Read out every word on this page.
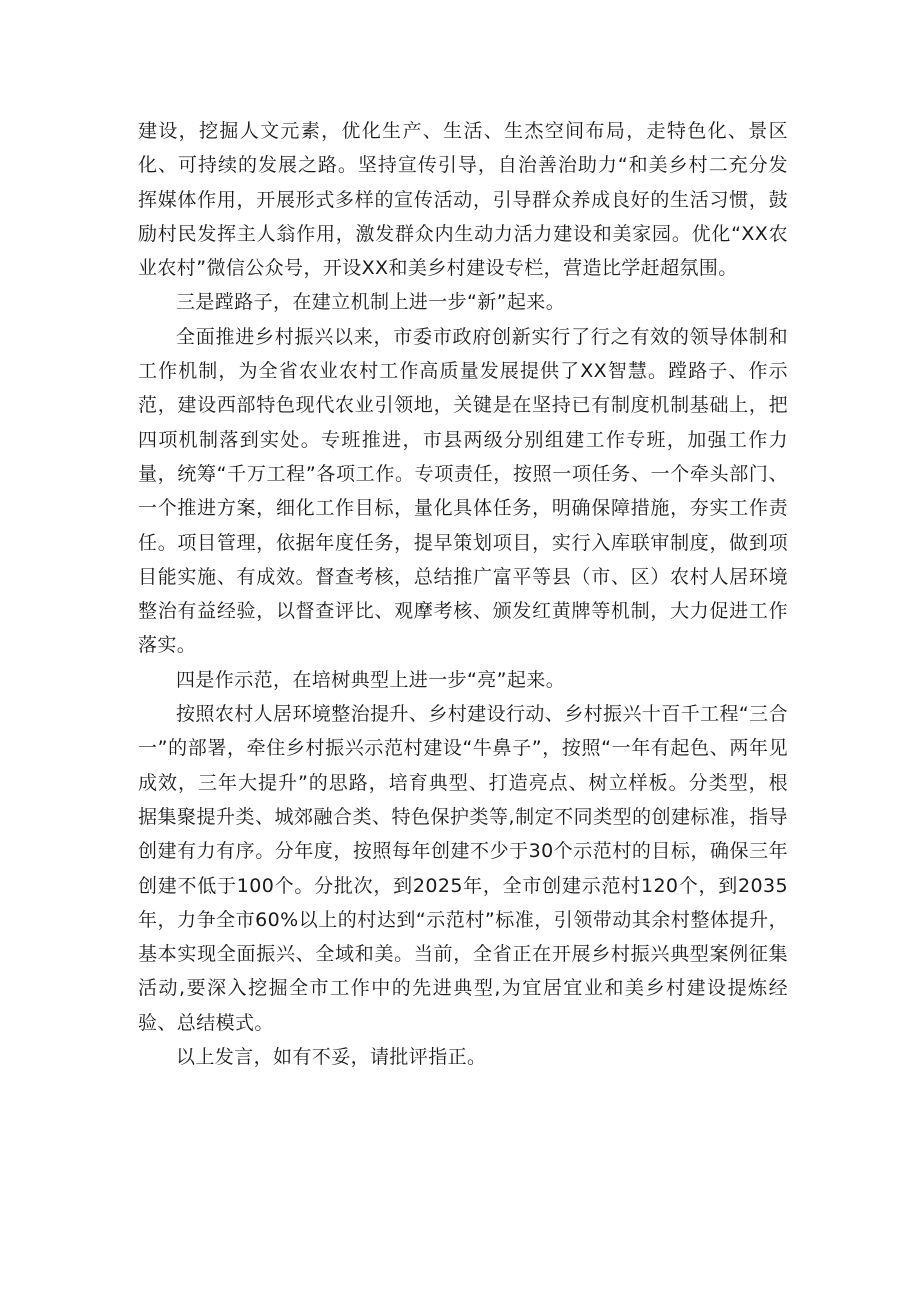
建设，挖掘人文元素，优化生产、生活、生杰空间布局，走特色化、景区化、可持续的发展之路。坚持宣传引导，自治善治助力“和美乡村二充分发挥媒体作用，开展形式多样的宣传活动，引导群众养成良好的生活习惯，鼓励村民发挥主人翁作用，激发群众内生动力活力建设和美家园。优化“XX农业农村”微信公众号，开设XX和美乡村建设专栏，营造比学赶超氛围。

三是蹚路子，在建立机制上进一步“新”起来。

全面推进乡村振兴以来，市委市政府创新实行了行之有效的领导体制和工作机制，为全省农业农村工作高质量发展提供了XX智慧。蹚路子、作示范，建设西部特色现代农业引领地，关键是在坚持已有制度机制基础上，把四项机制落到实处。专班推进，市县两级分别组建工作专班，加强工作力量，统筹“千万工程”各项工作。专项责任，按照一项任务、一个牵头部门、一个推进方案，细化工作目标，量化具体任务，明确保障措施，夯实工作责任。项目管理，依据年度任务，提早策划项目，实行入库联审制度，做到项目能实施、有成效。督查考核，总结推广富平等县（市、区）农村人居环境整治有益经验，以督查评比、观摩考核、颁发红黄牌等机制，大力促进工作落实。

四是作示范，在培树典型上进一步“亮”起来。

按照农村人居环境整治提升、乡村建设行动、乡村振兴十百千工程“三合一”的部署，牵住乡村振兴示范村建设“牛鼻子”，按照“一年有起色、两年见成效，三年大提升”的思路，培育典型、打造亮点、树立样板。分类型，根据集聚提升类、城郊融合类、特色保护类等,制定不同类型的创建标准，指导创建有力有序。分年度，按照每年创建不少于30个示范村的目标，确保三年创建不低于100个。分批次，到2025年，全市创建示范村120个，到2035年，力争全市60%以上的村达到“示范村”标准，引领带动其余村整体提升，基本实现全面振兴、全域和美。当前，全省正在开展乡村振兴典型案例征集活动,要深入挖掘全市工作中的先进典型,为宜居宜业和美乡村建设提炼经验、总结模式。

以上发言，如有不妥，请批评指正。
